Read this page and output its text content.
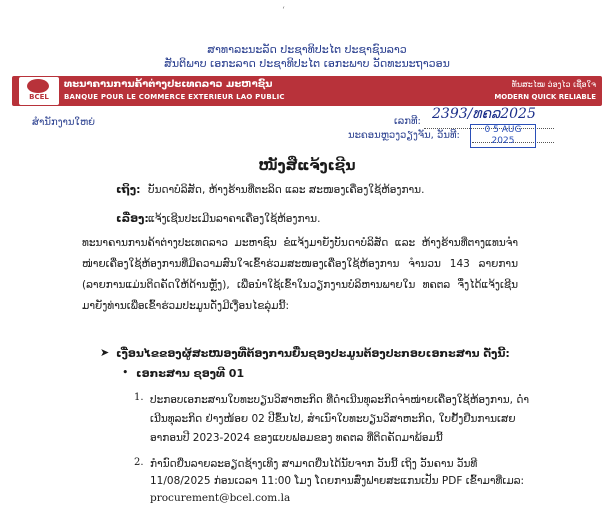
ʻ
ສາທາລະນະລັດ ປະຊາທິປະໄຕ ປະຊາຊົນລາວ
ສັນຕິພາບ ເອກະລາດ ປະຊາທິປະໄຕ ເອກະພາບ ວັດທະນະຖາວອນ
BCEL
ທະນາຄານການຄ້າຕ່າງປະເທດລາວ ມະຫາຊົນ
BANQUE POUR LE COMMERCE EXTERIEUR LAO PUBLIC
ທັນສະໄໝ ວ່ອງໄວ ເຊື່ອໃຈ
MODERN QUICK RELIABLE
ສໍານັກງານໃຫຍ່	ເລກທີ: 2393/ທຄລ2025
ນະຄອນຫຼວງວຽງຈັນ, ວັນທີ:	0 5 AUG 2025
ໜັງສືແຈ້ງເຊີນ
ເຖິງ: ບັນດາບໍລິສັດ, ຫ້າງຮ້ານທີ່ຕະລິດ ແລະ ສະໜອງເຄື່ອງໃຊ້ຫ້ອງການ.
ເລື່ອງ: ແຈ້ງເຊີນປະເມີນລາຄາເຄື່ອງໃຊ້ຫ້ອງການ.
ທະນາຄານການຄ້າຕ່າງປະເທດລາວ ມະຫາຊົນ ຂໍແຈ້ງມາຍັງບັນດາບໍລິສັດ ແລະ ຫ້າງຮ້ານທີ່ຕາງແທນຈໍາໜ່າຍເຄື່ອງໃຊ້ຫ້ອງການທີ່ມີຄວາມສົນໃຈເຂົ້າຮ່ວມສະໜອງເຄື່ອງໃຊ້ຫ້ອງການ ຈໍານວນ 143 ລາຍການ (ລາຍການແມ່ນຕິດຄັດໃຫ້ດ້ານຫຼັງ), ເພື່ອນໍາໃຊ້ເຂົ້າໃນວຽກງານບໍລິຫານພາຍໃນ ທຄຕລ ຈຶ່ງໄດ້ແຈ້ງເຊີນມາຍັງທ່ານເພື່ອເຂົ້າຮ່ວມປະມູນດັ່ງມີເງື່ອນໄຂລຸ່ມນີ້:
➤ ເງື່ອນໄຂຂອງຜູ້ສະໜອງທີ່ຕ້ອງການຍື່ນຊອງປະມູນຕ້ອງປະກອບເອກະສານ ດັ່ງນີ້:
• ເອກະສານ ຊອງທີ 01
1. ປະກອບເອກະສານໃບທະບຽນວິສາຫະກິດ ທີ່ດໍາເນີນທຸລະກິດຈໍາໜ່າຍເຄື່ອງໃຊ້ຫ້ອງການ, ດໍາເນີນທຸລະກິດ ຢ່າງໜ້ອຍ 02 ປີຂຶ້ນໄປ, ສໍາເນົາໃບທະບຽນວິສາຫະກິດ, ໃບຢັ້ງຢືນການເສຍອາກອນປີ 2023-2024 ຂອງແບບຟອມຂອງ ທຄຕລ ທີ່ຕິດຄັດມາພ້ອມນີ້
2. ກໍານົດຍື່ນລາຍລະອຽດຊ້າງເທິງ ສາມາດຍື່ນໄດ້ນັບຈາກ ວັນນີ້ ເຖິງ ວັນຄານ ວັນທີ 11/08/2025 ກ່ອນເວລາ 11:00 ໂມງ ໂດຍການສົ່ງຟາຍສະແກນເປັນ PDF ເຂົ້າມາທີ່ເມລ:
procurement@bcel.com.la
